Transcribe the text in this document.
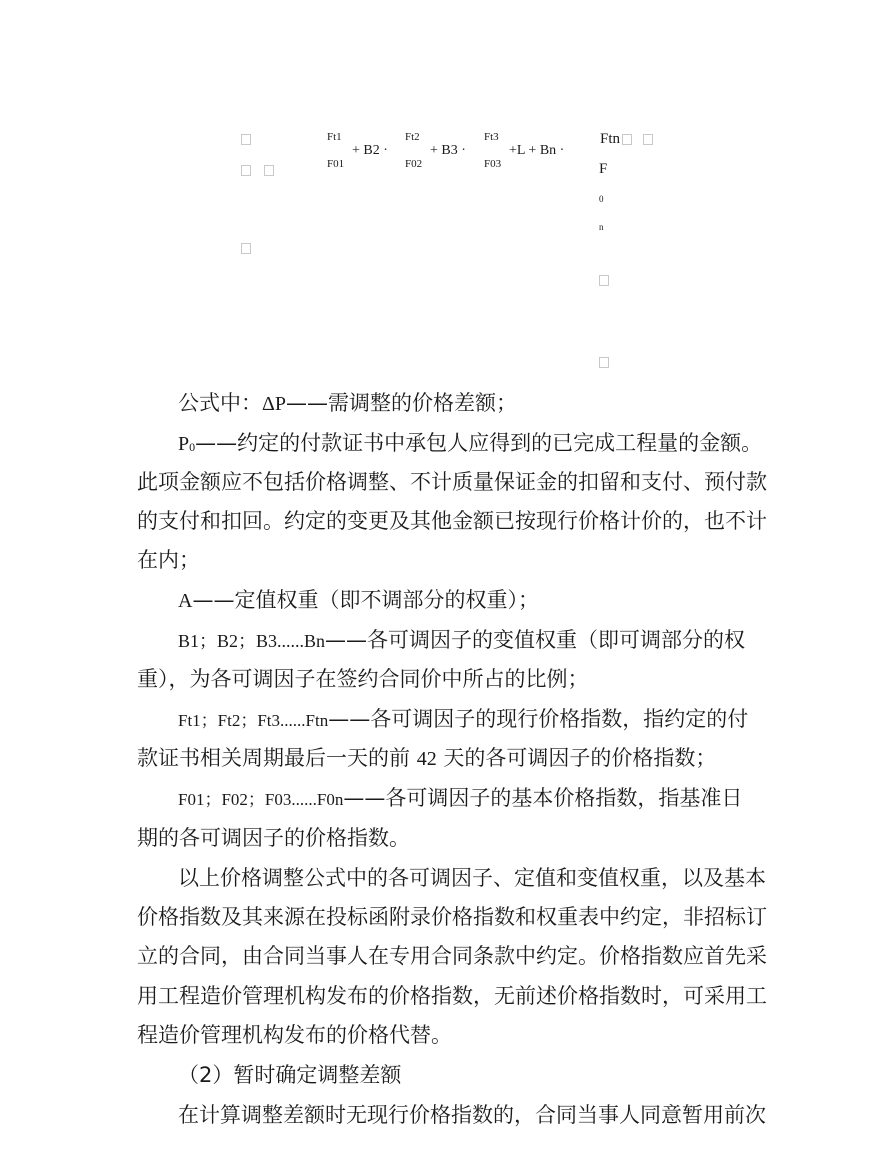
Ft1
F01
+ B2 ·
Ft2
F02
+ B3 ·
Ft3
F03
+L + Bn ·
Ftn
F
0
n
公式中：ΔP——需调整的价格差额；
P0——约定的付款证书中承包人应得到的已完成工程量的金额。
此项金额应不包括价格调整、不计质量保证金的扣留和支付、预付款
的支付和扣回。约定的变更及其他金额已按现行价格计价的，也不计
在内；
A——定值权重（即不调部分的权重）；
B1；B2；B3......Bn——各可调因子的变值权重（即可调部分的权
重），为各可调因子在签约合同价中所占的比例；
Ft1；Ft2；Ft3......Ftn——各可调因子的现行价格指数，指约定的付
款证书相关周期最后一天的前 42 天的各可调因子的价格指数；
F01；F02；F03......F0n——各可调因子的基本价格指数，指基准日
期的各可调因子的价格指数。
以上价格调整公式中的各可调因子、定值和变值权重，以及基本
价格指数及其来源在投标函附录价格指数和权重表中约定，非招标订
立的合同，由合同当事人在专用合同条款中约定。价格指数应首先采
用工程造价管理机构发布的价格指数，无前述价格指数时，可采用工
程造价管理机构发布的价格代替。
（2）暂时确定调整差额
在计算调整差额时无现行价格指数的，合同当事人同意暂用前次
